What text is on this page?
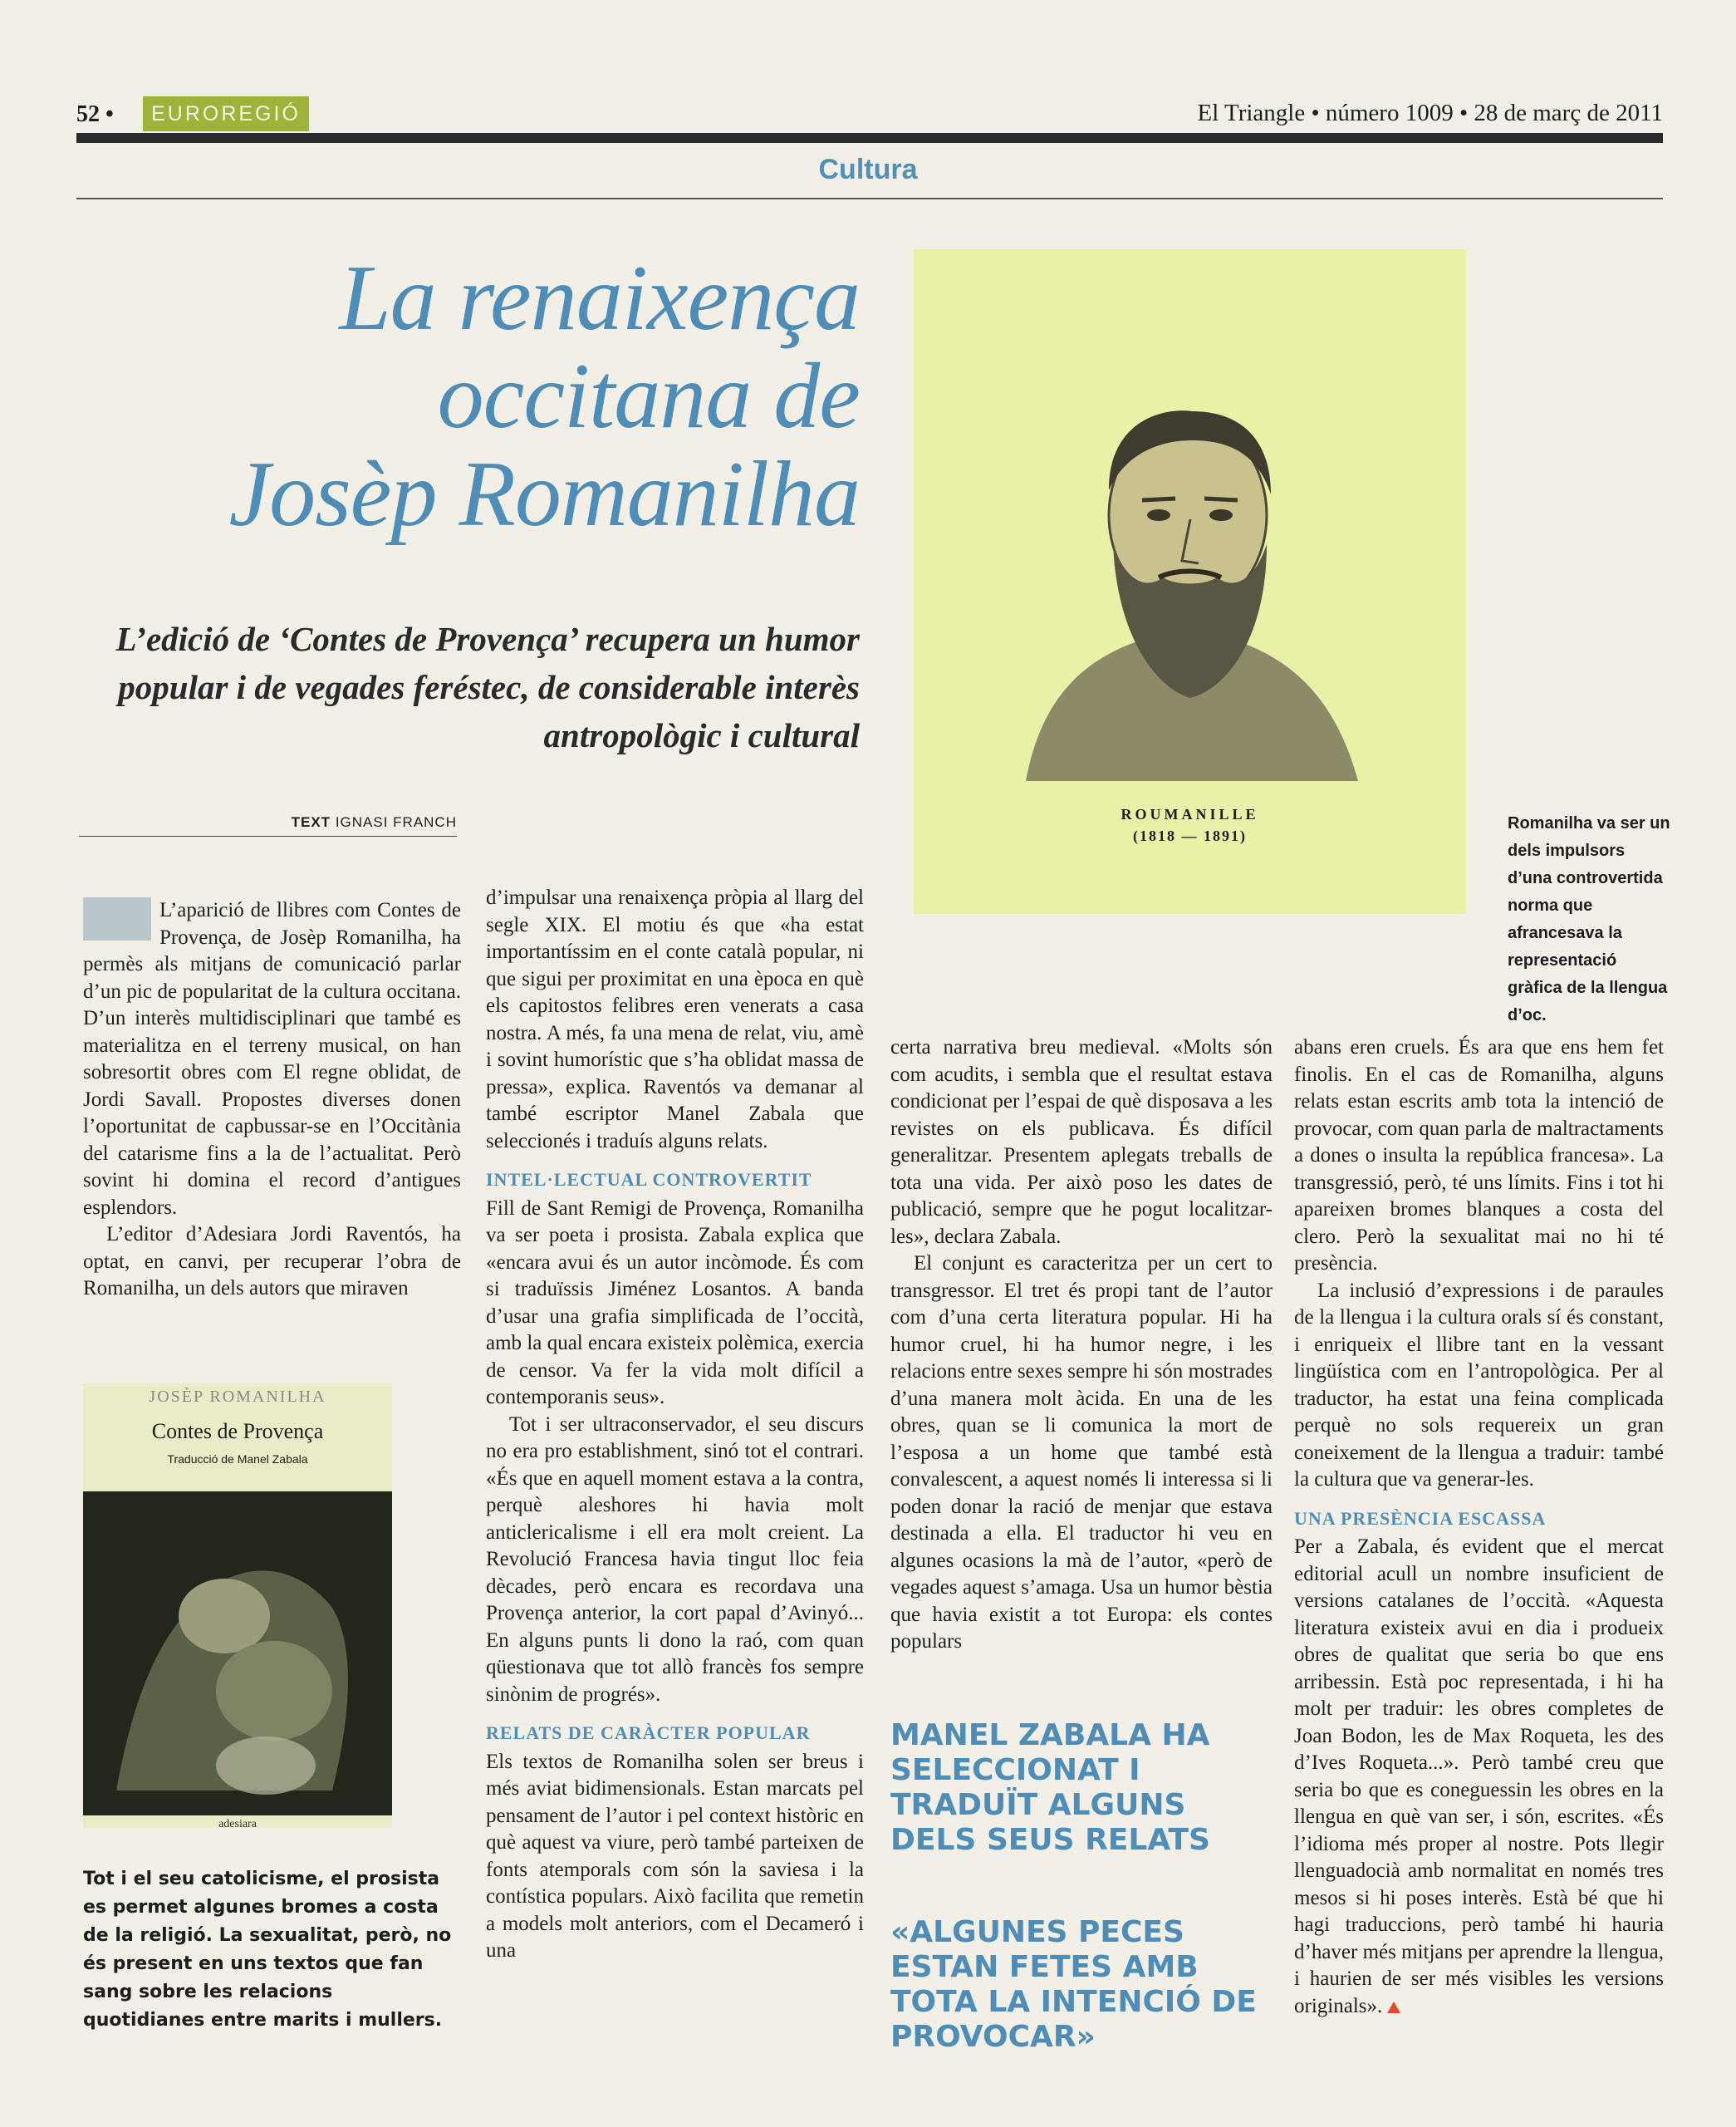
52 •	EUROREGIÓ	El Triangle • número 1009 • 28 de març de 2011
Cultura
La renaixença
occitana de
Josèp Romanilha
L’edició de ‘Contes de Provença’ recupera un humor popular i de vegades feréstec, de considerable interès antropològic i cultural
TEXT IGNASI FRANCH	ROUMANILLE
(1818 — 1891)
Romanilha va ser un dels impulsors d’una controvertida norma que afrancesava la representació gràfica de la llengua d’oc.
JOSÈP ROMANILHA
Contes de Provença
Traducció de Manel Zabala
adesiara
Tot i el seu catolicisme, el prosista es permet algunes bromes a costa de la religió. La sexualitat, però, no és present en uns textos que fan sang sobre les relacions quotidianes entre marits i mullers.

L’aparició de llibres com Contes de Provença, de Josèp Romanilha, ha permès als mitjans de comunicació parlar d’un pic de popularitat de la cultura occitana. D’un interès multidisciplinari que també es materialitza en el terreny musical, on han sobresortit obres com El regne oblidat, de Jordi Savall. Propostes diverses donen l’oportunitat de capbussar-se en l’Occitània del catarisme fins a la de l’actualitat. Però sovint hi domina el record d’antigues esplendors.

L’editor d’Adesiara Jordi Raventós, ha optat, en canvi, per recuperar l’obra de Romanilha, un dels autors que miraven

d’impulsar una renaixença pròpia al llarg del segle XIX. El motiu és que «ha estat importantíssim en el conte català popular, ni que sigui per proximitat en una època en què els capitostos felibres eren venerats a casa nostra. A més, fa una mena de relat, viu, amè i sovint humorístic que s’ha oblidat massa de pressa», explica. Raventós va demanar al també escriptor Manel Zabala que seleccionés i traduís alguns relats.

INTEL·LECTUAL CONTROVERTIT

Fill de Sant Remigi de Provença, Romanilha va ser poeta i prosista. Zabala explica que «encara avui és un autor incòmode. És com si traduïssis Jiménez Losantos. A banda d’usar una grafia simplificada de l’occità, amb la qual encara existeix polèmica, exercia de censor. Va fer la vida molt difícil a contemporanis seus».

Tot i ser ultraconservador, el seu discurs no era pro establishment, sinó tot el contrari. «És que en aquell moment estava a la contra, perquè aleshores hi havia molt anticlericalisme i ell era molt creient. La Revolució Francesa havia tingut lloc feia dècades, però encara es recordava una Provença anterior, la cort papal d’Avinyó... En alguns punts li dono la raó, com quan qüestionava que tot allò francès fos sempre sinònim de progrés».

RELATS DE CARÀCTER POPULAR

Els textos de Romanilha solen ser breus i més aviat bidimensionals. Estan marcats pel pensament de l’autor i pel context històric en què aquest va viure, però també parteixen de fonts atemporals com són la saviesa i la contística populars. Això facilita que remetin a models molt anteriors, com el Decameró i una

certa narrativa breu medieval. «Molts són com acudits, i sembla que el resultat estava condicionat per l’espai de què disposava a les revistes on els publicava. És difícil generalitzar. Presentem aplegats treballs de tota una vida. Per això poso les dates de publicació, sempre que he pogut localitzar-les», declara Zabala.

El conjunt es caracteritza per un cert to transgressor. El tret és propi tant de l’autor com d’una certa literatura popular. Hi ha humor cruel, hi ha humor negre, i les relacions entre sexes sempre hi són mostrades d’una manera molt àcida. En una de les obres, quan se li comunica la mort de l’esposa a un home que també està convalescent, a aquest només li interessa si li poden donar la ració de menjar que estava destinada a ella. El traductor hi veu en algunes ocasions la mà de l’autor, «però de vegades aquest s’amaga. Usa un humor bèstia que havia existit a tot Europa: els contes populars

MANEL ZABALA HA SELECCIONAT I TRADUÏT ALGUNS DELS SEUS RELATS
«ALGUNES PECES ESTAN FETES AMB TOTA LA INTENCIÓ DE PROVOCAR»

abans eren cruels. És ara que ens hem fet finolis. En el cas de Romanilha, alguns relats estan escrits amb tota la intenció de provocar, com quan parla de maltractaments a dones o insulta la república francesa». La transgressió, però, té uns límits. Fins i tot hi apareixen bromes blanques a costa del clero. Però la sexualitat mai no hi té presència.

La inclusió d’expressions i de paraules de la llengua i la cultura orals sí és constant, i enriqueix el llibre tant en la vessant lingüística com en l’antropològica. Per al traductor, ha estat una feina complicada perquè no sols requereix un gran coneixement de la llengua a traduir: també la cultura que va generar-les.

UNA PRESÈNCIA ESCASSA

Per a Zabala, és evident que el mercat editorial acull un nombre insuficient de versions catalanes de l’occità. «Aquesta literatura existeix avui en dia i produeix obres de qualitat que seria bo que ens arribessin. Està poc representada, i hi ha molt per traduir: les obres completes de Joan Bodon, les de Max Roqueta, les des d’Ives Roqueta...». Però també creu que seria bo que es coneguessin les obres en la llengua en què van ser, i són, escrites. «És l’idioma més proper al nostre. Pots llegir llenguadocià amb normalitat en només tres mesos si hi poses interès. Està bé que hi hagi traduccions, però també hi hauria d’haver més mitjans per aprendre la llengua, i haurien de ser més visibles les versions originals».
